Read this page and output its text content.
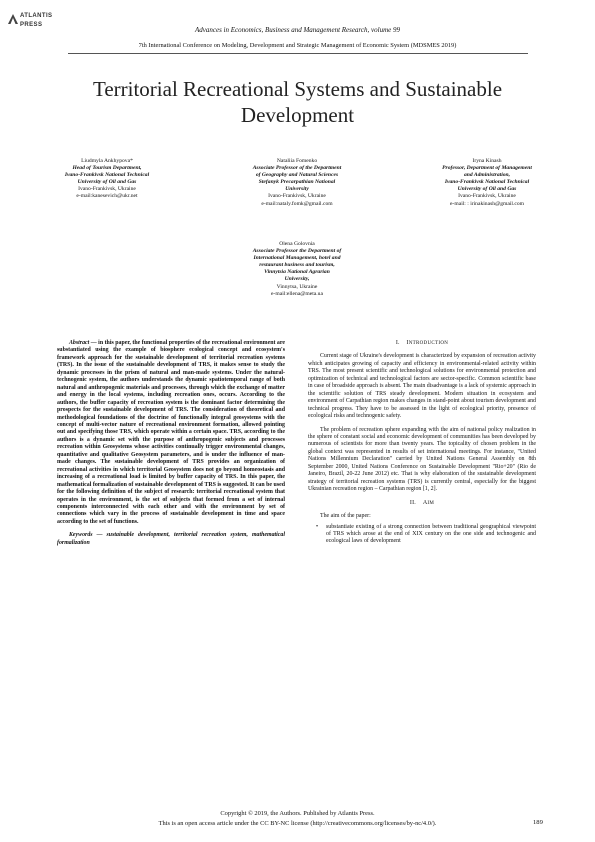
ATLANTIS
PRESS
Advances in Economics, Business and Management Research, volume 99
7th International Conference on Modeling, Development and Strategic Management of Economic System (MDSMES 2019)
Territorial Recreational Systems and Sustainable
Development
Liudmyla Ankhypova*
Head of Tourism Department,
Ivano-Frankivsk National Technical
University of Oil and Gas
Ivano-Frankivsk, Ukraine
e-mail:kanesevich@ukr.net
Nataliia Fomenko
Associate Professor of the Department
of Geography and Natural Sciences
Stefanyk Precarpathian National
University
Ivano-Frankivsk, Ukraine
e-mail:nataly.fomk@gmail.com
Iryna Kinash
Professor, Department of Management
and Administration,
Ivano-Frankivsk National Technical
University of Oil and Gas
Ivano-Frankivsk, Ukraine
e-mail: : irinakinash@gmail.com
Olena Golovnia
Associate Professor the Department of
International Management, hotel and
restaurant business and tourism,
Vinnytsia National Agrarian
University,
Vinnytsa, Ukraine
e-mail:ellena@meta.ua

Abstract — in this paper, the functional properties of the recreational environment are substantiated using the example of biosphere ecological concept and ecosystem's framework approach for the sustainable development of territorial recreation systems (TRS). In the issue of the sustainable development of TRS, it makes sense to study the dynamic processes in the prism of natural and man-made systems. Under the natural-technogenic system, the authors understands the dynamic spatiotemporal range of both natural and anthropogenic materials and processes, through which the exchange of matter and energy in the local systems, including recreation ones, occurs. According to the authors, the buffer capacity of recreation system is the dominant factor determining the prospects for the sustainable development of TRS. The consideration of theoretical and methodological foundations of the doctrine of functionally integral geosystems with the concept of multi-vector nature of recreational environment formation, allowed pointing out and specifying those TRS, which operate within a certain space. TRS, according to the authors is a dynamic set with the purpose of anthropogenic subjects and processes recreation within Geosystems whose activities continually trigger environmental changes, quantitative and qualitative Geosystem parameters, and is under the influence of man-made changes. The sustainable development of TRS provides an organization of recreational activities in which territorial Geosystem does not go beyond homeostasis and increasing of a recreational load is limited by buffer capacity of TRS. In this paper, the mathematical formalization of sustainable development of TRS is suggested. It can be used for the following definition of the subject of research: territorial recreational system that operates in the environment, is the set of subjects that formed from a set of internal components interconnected with each other and with the environment by set of connections which vary in the process of sustainable development in time and space according to the set of functions.

Keywords — sustainable development, territorial recreation system, mathematical formalization

I. INTRODUCTION

Current stage of Ukraine's development is characterized by expansion of recreation activity which anticipates growing of capacity and efficiency in environmental-related activity within TRS. The most present scientific and technological solutions for environmental protection and optimization of technical and technological factors are sector-specific. Common scientific base in case of broadside approach is absent. The main disadvantage is a lack of systemic approach in the scientific solution of TRS steady development. Modern situation in ecosystem and environment of Carpathian region makes changes in stand-point about tourism development and technical progress. They have to be assessed in the light of ecological priority, presence of ecological risks and technogenic safety.

The problem of recreation sphere expanding with the aim of national policy realization in the sphere of constant social and economic development of communities has been developed by numerous of scientists for more than twenty years. The topicality of chosen problem in the global context was represented in results of set international meetings. For instance, "United Nations Millennium Declaration" carried by United Nations General Assembly on 8th September 2000, United Nations Conference on Sustainable Development "Rio+20" (Rio de Janeiro, Brazil, 20-22 June 2012) etc. That is why elaboration of the sustainable development strategy of territorial recreation systems (TRS) is currently central, especially for the biggest Ukrainian recreation region – Carpathian region [1, 2].

II. AIM

The aim of the paper:

•	substantiate existing of a strong connection between traditional geographical viewpoint of TRS which arose at the end of XIX century on the one side and technogenic and ecological laws of development
Copyright © 2019, the Authors. Published by Atlantis Press.
This is an open access article under the CC BY-NC license (http://creativecommons.org/licenses/by-nc/4.0/).	189
